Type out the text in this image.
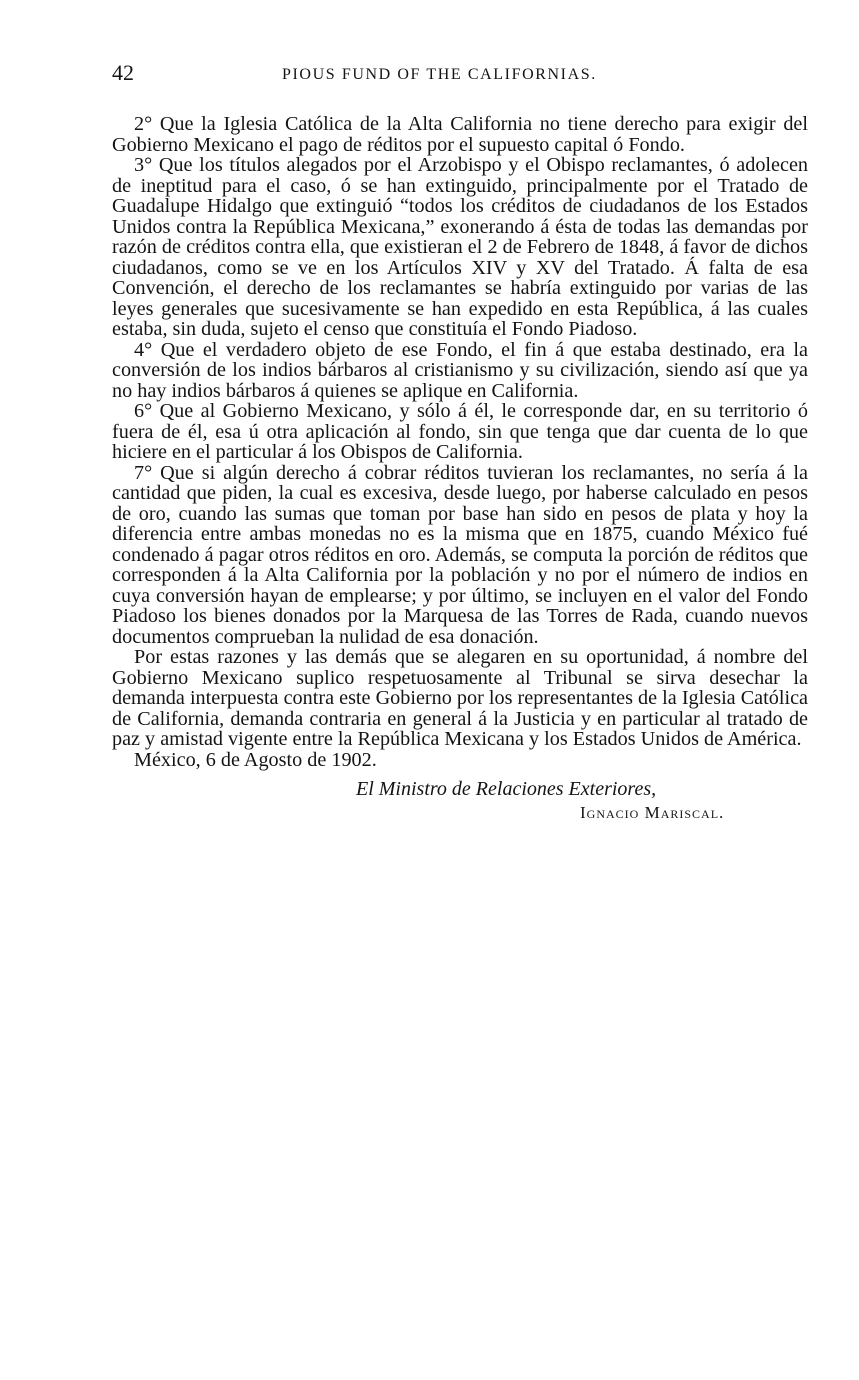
42	PIOUS FUND OF THE CALIFORNIAS.

2° Que la Iglesia Católica de la Alta California no tiene derecho para exigir del Gobierno Mexicano el pago de réditos por el supuesto capital ó Fondo.

3° Que los títulos alegados por el Arzobispo y el Obispo reclamantes, ó adolecen de ineptitud para el caso, ó se han extinguido, principalmente por el Tratado de Guadalupe Hidalgo que extinguió “todos los créditos de ciudadanos de los Estados Unidos contra la República Mexicana,” exonerando á ésta de todas las demandas por razón de créditos contra ella, que existieran el 2 de Febrero de 1848, á favor de dichos ciudadanos, como se ve en los Artículos XIV y XV del Tratado. Á falta de esa Convención, el derecho de los reclamantes se habría extinguido por varias de las leyes generales que sucesivamente se han expedido en esta República, á las cuales estaba, sin duda, sujeto el censo que constituía el Fondo Piadoso.

4° Que el verdadero objeto de ese Fondo, el fin á que estaba destinado, era la conversión de los indios bárbaros al cristianismo y su civilización, siendo así que ya no hay indios bárbaros á quienes se aplique en California.

6° Que al Gobierno Mexicano, y sólo á él, le corresponde dar, en su territorio ó fuera de él, esa ú otra aplicación al fondo, sin que tenga que dar cuenta de lo que hiciere en el particular á los Obispos de California.

7° Que si algún derecho á cobrar réditos tuvieran los reclamantes, no sería á la cantidad que piden, la cual es excesiva, desde luego, por haberse calculado en pesos de oro, cuando las sumas que toman por base han sido en pesos de plata y hoy la diferencia entre ambas monedas no es la misma que en 1875, cuando México fué condenado á pagar otros réditos en oro. Además, se computa la porción de réditos que corresponden á la Alta California por la población y no por el número de indios en cuya conversión hayan de emplearse; y por último, se incluyen en el valor del Fondo Piadoso los bienes donados por la Marquesa de las Torres de Rada, cuando nuevos documentos comprueban la nulidad de esa donación.

Por estas razones y las demás que se alegaren en su oportunidad, á nombre del Gobierno Mexicano suplico respetuosamente al Tribunal se sirva desechar la demanda interpuesta contra este Gobierno por los representantes de la Iglesia Católica de California, demanda contraria en general á la Justicia y en particular al tratado de paz y amistad vigente entre la República Mexicana y los Estados Unidos de América.

México, 6 de Agosto de 1902.

El Ministro de Relaciones Exteriores,
Ignacio Mariscal.
